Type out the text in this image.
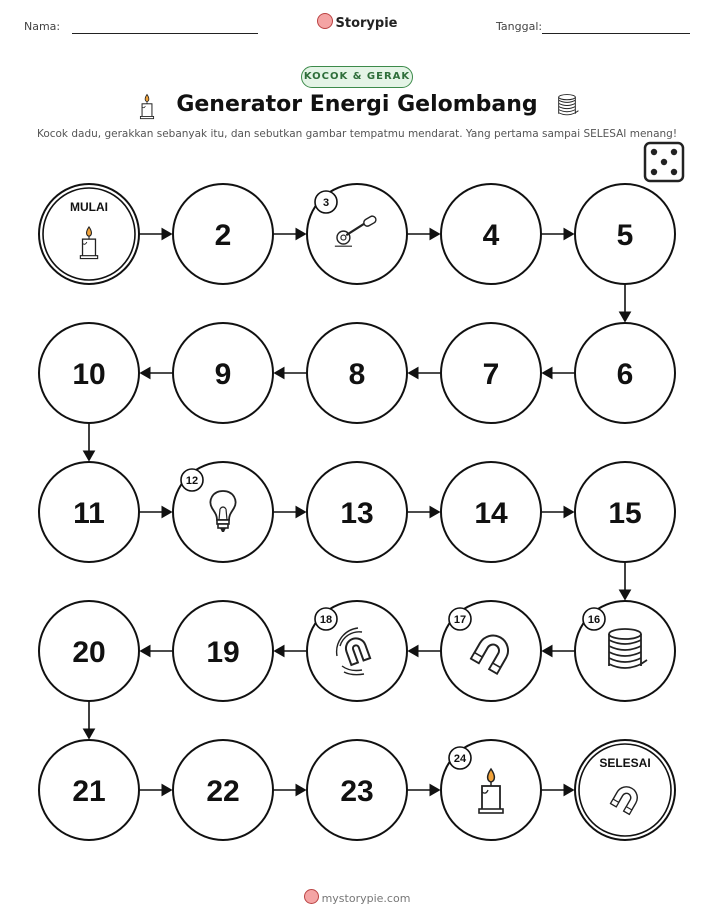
Nama:	Storypie	Tanggal:
KOCOK & GERAK
Generator Energi Gelombang
Kocok dadu, gerakkan sebanyak itu, dan sebutkan gambar tempatmu mendarat. Yang pertama sampai SELESAI menang!
MULAI
2
3
4	5
6
7
8
9
10
11
12
13	14	15
16
17
18
19
20
21	22	23
24	SELESAI
mystorypie.com
